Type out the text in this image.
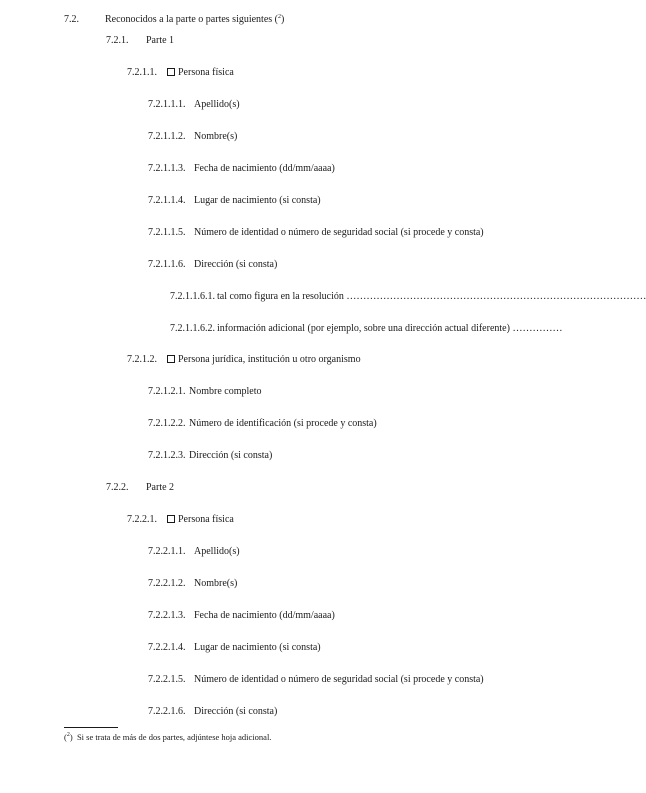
7.2.	Reconocidos a la parte o partes siguientes ($^2$)
7.2.1. Parte 1
7.2.1.1. Persona física
7.2.1.1.1. Apellido(s)
7.2.1.1.2. Nombre(s)
7.2.1.1.3. Fecha de nacimiento (dd/mm/aaaa)
7.2.1.1.4. Lugar de nacimiento (si consta)
7.2.1.1.5. Número de identidad o número de seguridad social (si procede y consta)
7.2.1.1.6. Dirección (si consta)
7.2.1.1.6.1. tal como figura en la resolución ………………………………………………………………………………
7.2.1.1.6.2. información adicional (por ejemplo, sobre una dirección actual diferente) ……………
7.2.1.2. Persona jurídica, institución u otro organismo
7.2.1.2.1. Nombre completo
7.2.1.2.2. Número de identificación (si procede y consta)
7.2.1.2.3. Dirección (si consta)
7.2.2. Parte 2
7.2.2.1. Persona física
7.2.2.1.1. Apellido(s)
7.2.2.1.2. Nombre(s)
7.2.2.1.3. Fecha de nacimiento (dd/mm/aaaa)
7.2.2.1.4. Lugar de nacimiento (si consta)
7.2.2.1.5. Número de identidad o número de seguridad social (si procede y consta)
7.2.2.1.6. Dirección (si consta)
($^2$)  Si se trata de más de dos partes, adjúntese hoja adicional.
